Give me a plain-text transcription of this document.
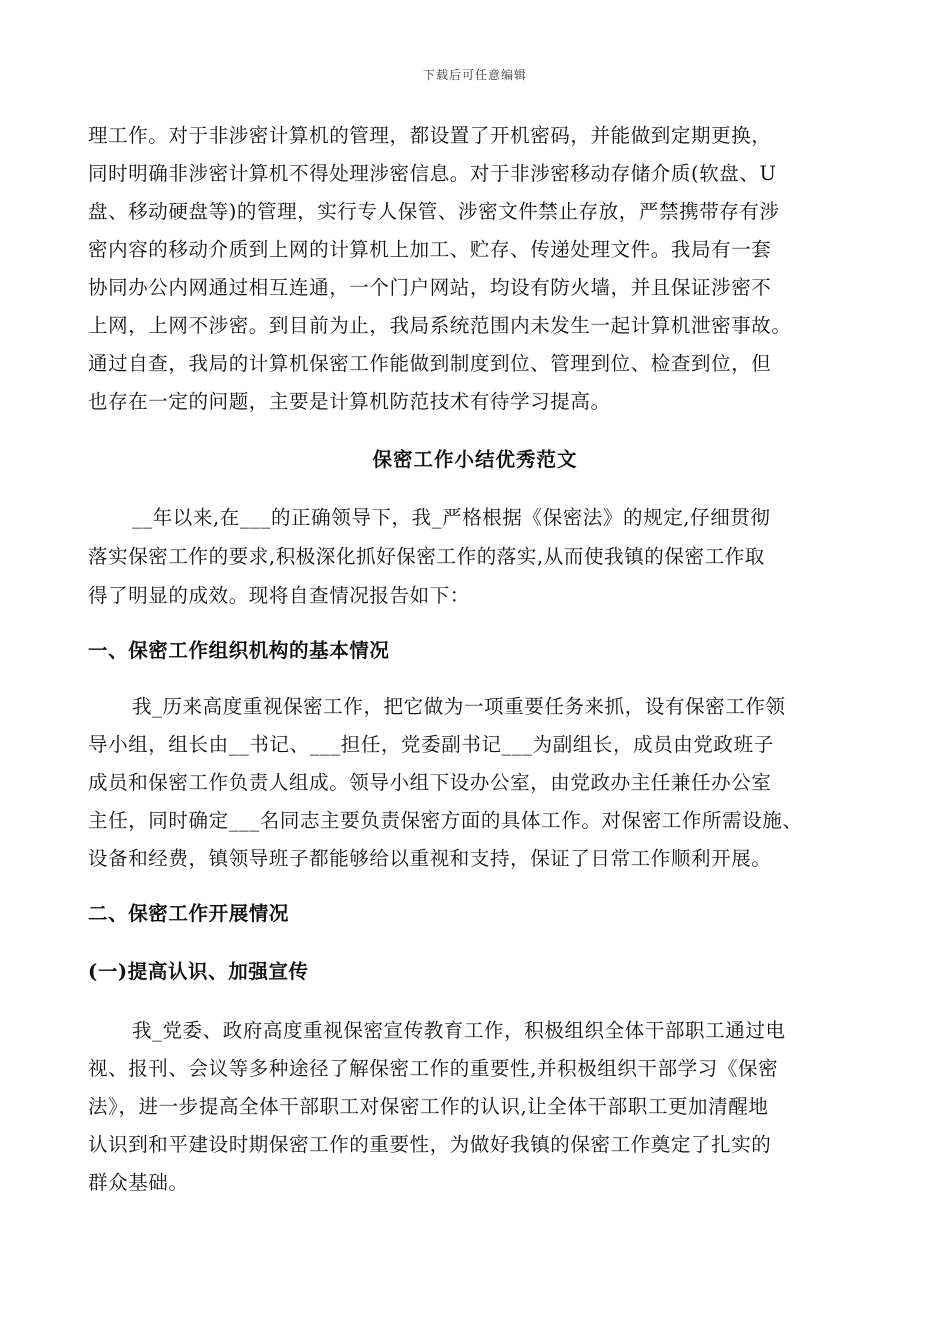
下载后可任意编辑
理工作。对于非涉密计算机的管理，都设置了开机密码，并能做到定期更换，
同时明确非涉密计算机不得处理涉密信息。对于非涉密移动存储介质(软盘、U
盘、移动硬盘等)的管理，实行专人保管、涉密文件禁止存放，严禁携带存有涉
密内容的移动介质到上网的计算机上加工、贮存、传递处理文件。我局有一套
协同办公内网通过相互连通，一个门户网站，均设有防火墙，并且保证涉密不
上网，上网不涉密。到目前为止，我局系统范围内未发生一起计算机泄密事故。
通过自查，我局的计算机保密工作能做到制度到位、管理到位、检查到位，但
也存在一定的问题，主要是计算机防范技术有待学习提高。
保密工作小结优秀范文
__年以来,在___的正确领导下，我_严格根据《保密法》的规定,仔细贯彻
落实保密工作的要求,积极深化抓好保密工作的落实,从而使我镇的保密工作取
得了明显的成效。现将自查情况报告如下：
一、保密工作组织机构的基本情况
我_历来高度重视保密工作，把它做为一项重要任务来抓，设有保密工作领
导小组，组长由__书记、___担任，党委副书记___为副组长，成员由党政班子
成员和保密工作负责人组成。领导小组下设办公室，由党政办主任兼任办公室
主任，同时确定___名同志主要负责保密方面的具体工作。对保密工作所需设施、
设备和经费，镇领导班子都能够给以重视和支持，保证了日常工作顺利开展。
二、保密工作开展情况
(一)提高认识、加强宣传
我_党委、政府高度重视保密宣传教育工作，积极组织全体干部职工通过电
视、报刊、会议等多种途径了解保密工作的重要性,并积极组织干部学习《保密
法》，进一步提高全体干部职工对保密工作的认识,让全体干部职工更加清醒地
认识到和平建设时期保密工作的重要性，为做好我镇的保密工作奠定了扎实的
群众基础。
